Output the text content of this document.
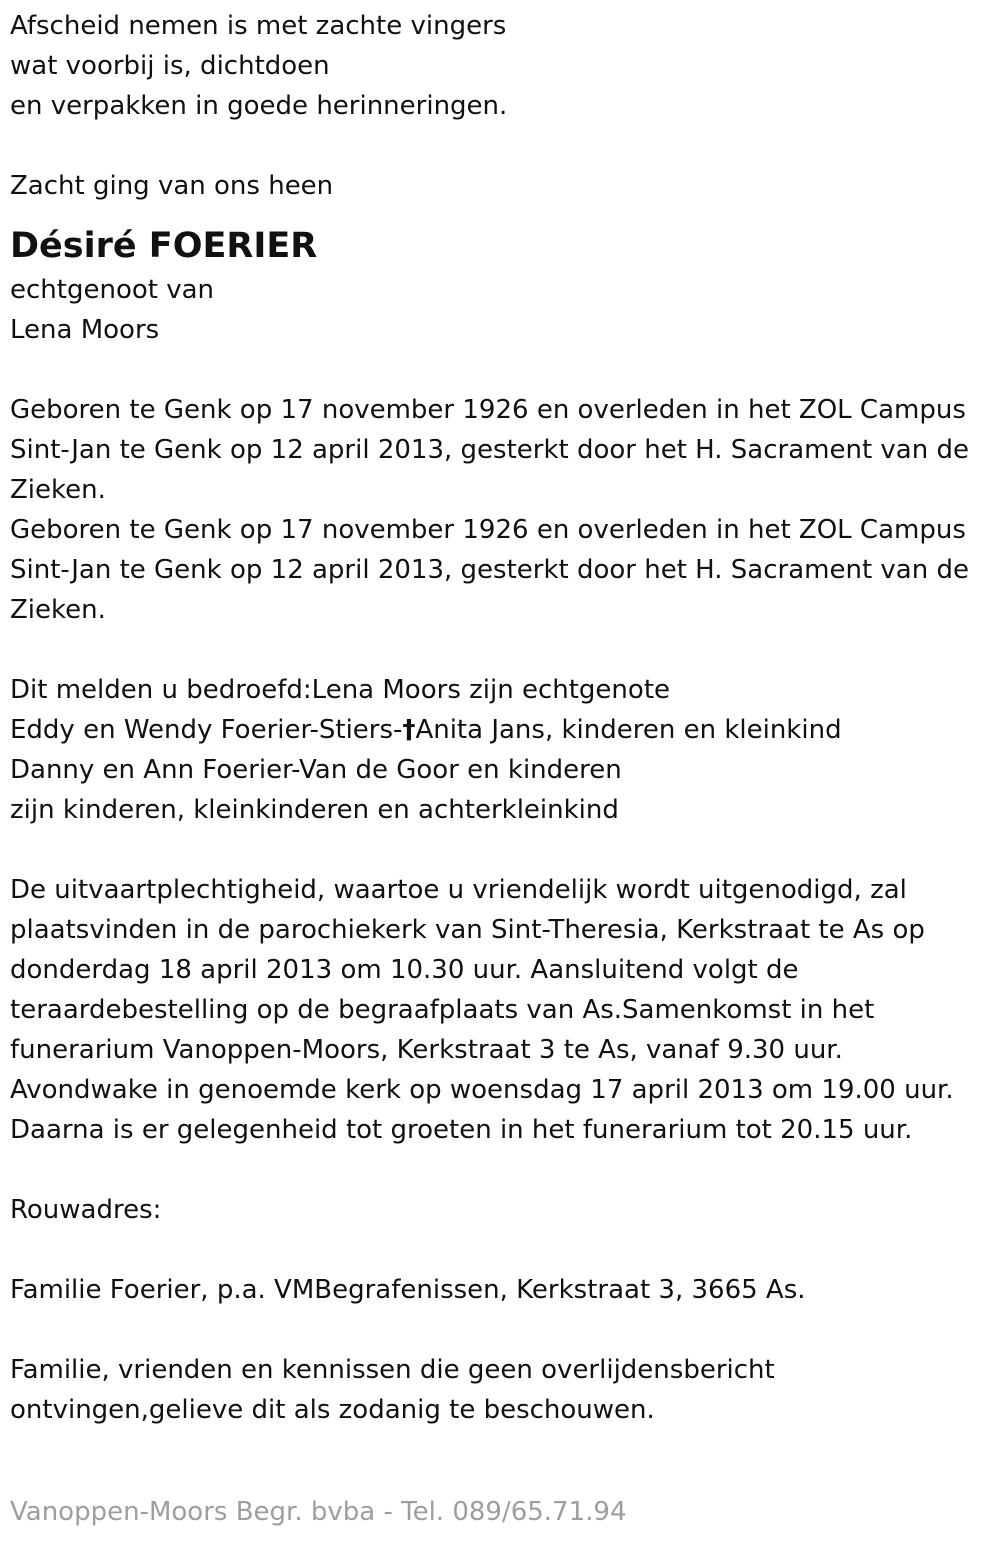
Afscheid nemen is met zachte vingers
wat voorbij is, dichtdoen
en verpakken in goede herinneringen.
Zacht ging van ons heen
Désiré FOERIER
echtgenoot van
Lena Moors
Geboren te Genk op 17 november 1926 en overleden in het ZOL Campus Sint-Jan te Genk op 12 april 2013, gesterkt door het H. Sacrament van de Zieken.
Geboren te Genk op 17 november 1926 en overleden in het ZOL Campus Sint-Jan te Genk op 12 april 2013, gesterkt door het H. Sacrament van de Zieken.
Dit melden u bedroefd:Lena Moors zijn echtgenote
Eddy en Wendy Foerier-Stiers-†Anita Jans, kinderen en kleinkind
Danny en Ann Foerier-Van de Goor en kinderen
zijn kinderen, kleinkinderen en achterkleinkind
De uitvaartplechtigheid, waartoe u vriendelijk wordt uitgenodigd, zal plaatsvinden in de parochiekerk van Sint-Theresia, Kerkstraat te As op donderdag 18 april 2013 om 10.30 uur. Aansluitend volgt de teraardebestelling op de begraafplaats van As.Samenkomst in het funerarium Vanoppen-Moors, Kerkstraat 3 te As, vanaf 9.30 uur. Avondwake in genoemde kerk op woensdag 17 april 2013 om 19.00 uur. Daarna is er gelegenheid tot groeten in het funerarium tot 20.15 uur.
Rouwadres:
Familie Foerier, p.a. VMBegrafenissen, Kerkstraat 3, 3665 As.
Familie, vrienden en kennissen die geen overlijdensbericht ontvingen,gelieve dit als zodanig te beschouwen.
Vanoppen-Moors Begr. bvba - Tel. 089/65.71.94
